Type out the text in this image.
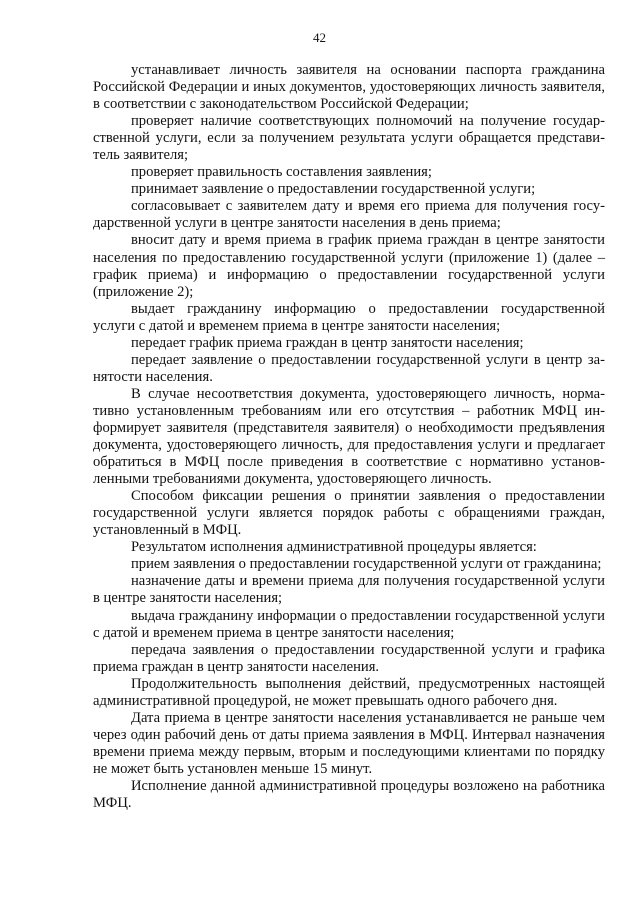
42

устанавливает личность заявителя на основании паспорта гражданина Российской Федерации и иных документов, удостоверяющих личность заявителя, в соответствии с законодательством Российской Федерации;

проверяет наличие соответствующих полномочий на получение государственной услуги, если за получением результата услуги обращается представитель заявителя;

проверяет правильность составления заявления;

принимает заявление о предоставлении государственной услуги;

согласовывает с заявителем дату и время его приема для получения государственной услуги в центре занятости населения в день приема;

вносит дату и время приема в график приема граждан в центре занятости населения по предоставлению государственной услуги (приложение 1) (далее – график приема) и информацию о предоставлении государственной услуги (приложение 2);

выдает гражданину информацию о предоставлении государственной услуги с датой и временем приема в центре занятости населения;

передает график приема граждан в центр занятости населения;

передает заявление о предоставлении государственной услуги в центр занятости населения.

В случае несоответствия документа, удостоверяющего личность, нормативно установленным требованиям или его отсутствия – работник МФЦ информирует заявителя (представителя заявителя) о необходимости предъявления документа, удостоверяющего личность, для предоставления услуги и предлагает обратиться в МФЦ после приведения в соответствие с нормативно установленными требованиями документа, удостоверяющего личность.

Способом фиксации решения о принятии заявления о предоставлении государственной услуги является порядок работы с обращениями граждан, установленный в МФЦ.

Результатом исполнения административной процедуры является:

прием заявления о предоставлении государственной услуги от гражданина;

назначение даты и времени приема для получения государственной услуги в центре занятости населения;

выдача гражданину информации о предоставлении государственной услуги с датой и временем приема в центре занятости населения;

передача заявления о предоставлении государственной услуги и графика приема граждан в центр занятости населения.

Продолжительность выполнения действий, предусмотренных настоящей административной процедурой, не может превышать одного рабочего дня.

Дата приема в центре занятости населения устанавливается не раньше чем через один рабочий день от даты приема заявления в МФЦ. Интервал назначения времени приема между первым, вторым и последующими клиентами по порядку не может быть установлен меньше 15 минут.

Исполнение данной административной процедуры возложено на работника МФЦ.
